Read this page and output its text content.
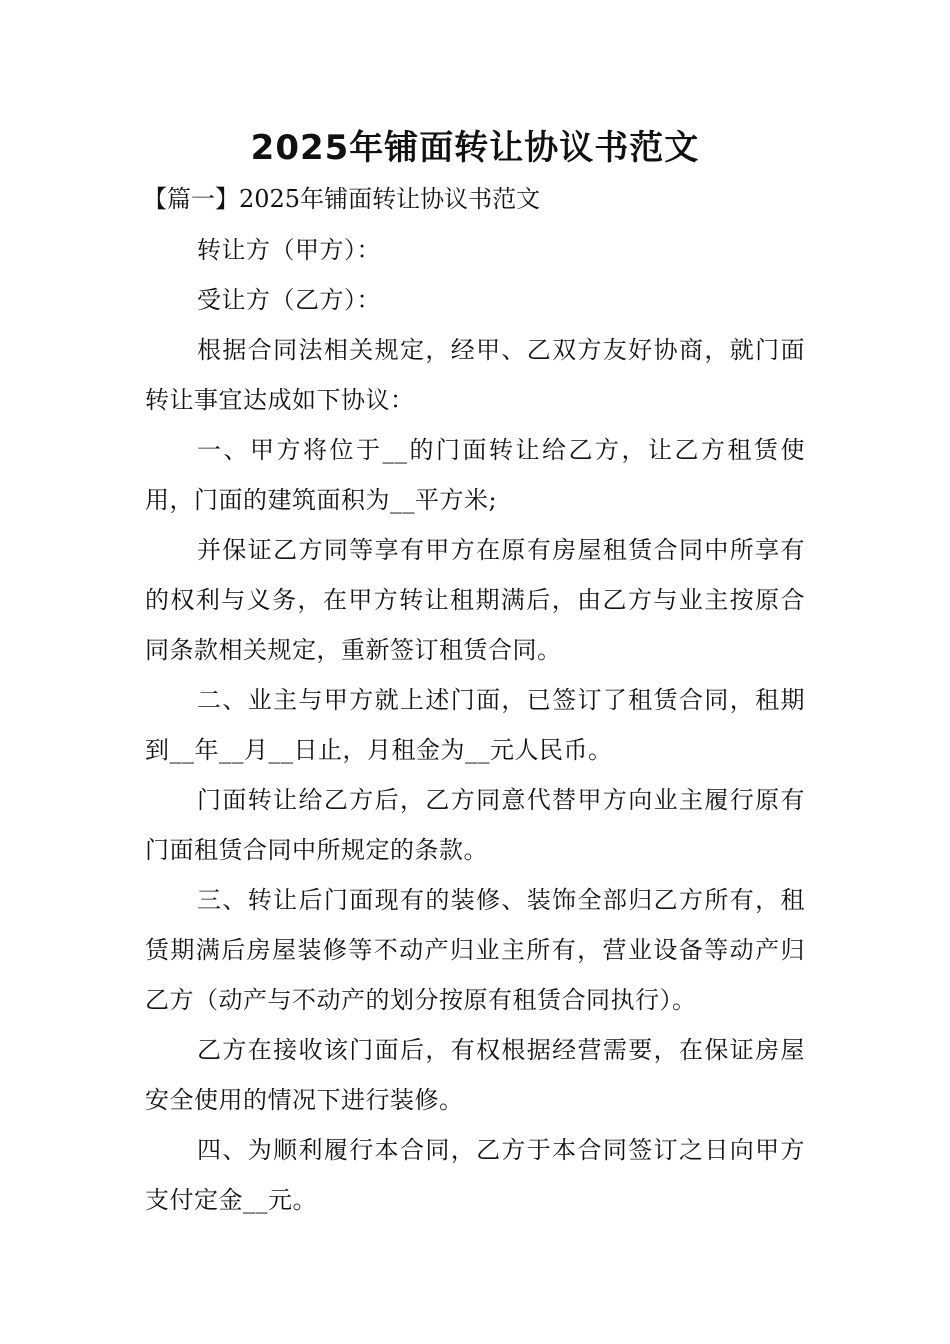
2025年铺面转让协议书范文

【篇一】2025年铺面转让协议书范文

转让方（甲方）：

受让方（乙方）：

根据合同法相关规定，经甲、乙双方友好协商，就门面转让事宜达成如下协议：

一、甲方将位于__的门面转让给乙方，让乙方租赁使用，门面的建筑面积为__平方米;

并保证乙方同等享有甲方在原有房屋租赁合同中所享有的权利与义务，在甲方转让租期满后，由乙方与业主按原合同条款相关规定，重新签订租赁合同。

二、业主与甲方就上述门面，已签订了租赁合同，租期到__年__月__日止，月租金为__元人民币。

门面转让给乙方后，乙方同意代替甲方向业主履行原有门面租赁合同中所规定的条款。

三、转让后门面现有的装修、装饰全部归乙方所有，租赁期满后房屋装修等不动产归业主所有，营业设备等动产归乙方（动产与不动产的划分按原有租赁合同执行）。

乙方在接收该门面后，有权根据经营需要，在保证房屋安全使用的情况下进行装修。

四、为顺利履行本合同，乙方于本合同签订之日向甲方支付定金__元。
